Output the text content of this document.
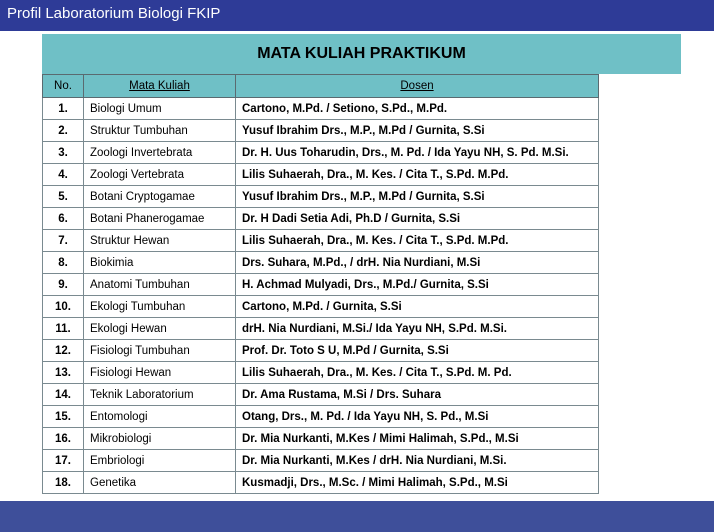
Profil Laboratorium Biologi FKIP
MATA KULIAH PRAKTIKUM
No.	Mata Kuliah	Dosen
1.	Biologi Umum	Cartono, M.Pd. / Setiono, S.Pd., M.Pd.
2.	Struktur Tumbuhan	Yusuf Ibrahim Drs., M.P., M.Pd / Gurnita, S.Si
3.	Zoologi Invertebrata	Dr. H. Uus Toharudin, Drs., M. Pd. / Ida Yayu NH, S. Pd. M.Si.
4.	Zoologi Vertebrata	Lilis Suhaerah, Dra., M. Kes. / Cita T., S.Pd. M.Pd.
5.	Botani Cryptogamae	Yusuf Ibrahim Drs., M.P., M.Pd / Gurnita, S.Si
6.	Botani Phanerogamae	Dr. H Dadi Setia Adi, Ph.D / Gurnita, S.Si
7.	Struktur Hewan	Lilis Suhaerah, Dra., M. Kes. / Cita T., S.Pd. M.Pd.
8.	Biokimia	Drs. Suhara, M.Pd., / drH. Nia Nurdiani, M.Si
9.	Anatomi Tumbuhan	H. Achmad Mulyadi, Drs., M.Pd./ Gurnita, S.Si
10.	Ekologi Tumbuhan	Cartono, M.Pd. / Gurnita, S.Si
11.	Ekologi Hewan	drH. Nia Nurdiani, M.Si./ Ida Yayu NH, S.Pd. M.Si.
12.	Fisiologi Tumbuhan	Prof. Dr. Toto S U, M.Pd / Gurnita, S.Si
13.	Fisiologi Hewan	Lilis Suhaerah, Dra., M. Kes. / Cita T., S.Pd. M. Pd.
14.	Teknik Laboratorium	Dr. Ama Rustama, M.Si / Drs. Suhara
15.	Entomologi	Otang, Drs., M. Pd. / Ida Yayu NH, S. Pd., M.Si
16.	Mikrobiologi	Dr. Mia Nurkanti, M.Kes / Mimi Halimah, S.Pd., M.Si
17.	Embriologi	Dr. Mia Nurkanti, M.Kes / drH. Nia Nurdiani, M.Si.
18.	Genetika	Kusmadji, Drs., M.Sc. / Mimi Halimah, S.Pd., M.Si
